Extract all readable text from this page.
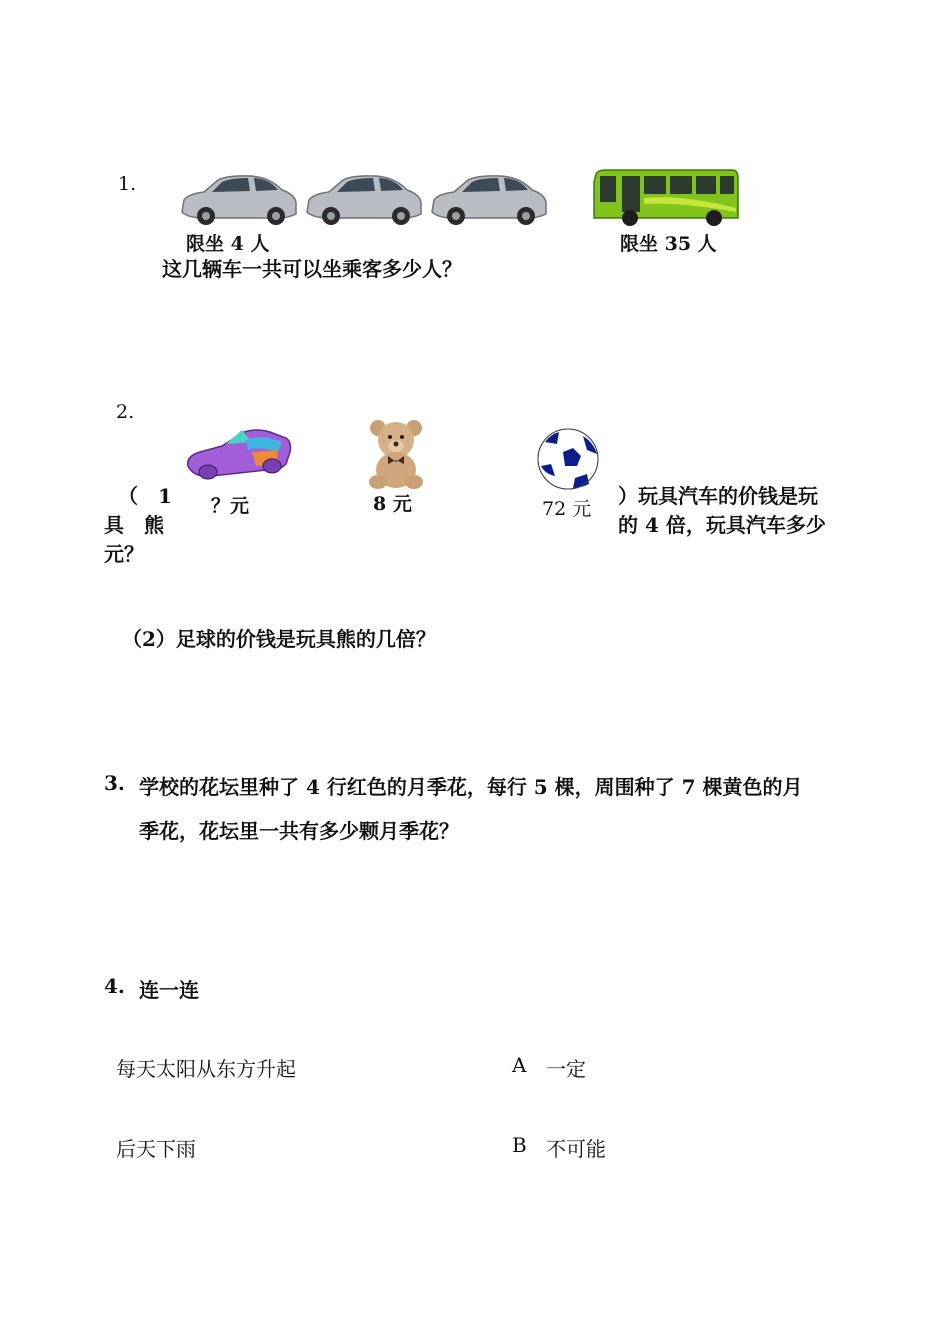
1.
限坐 4 人	限坐 35 人
这几辆车一共可以坐乘客多少人？
2.
？元	8 元	72 元
（　1	）玩具汽车的价钱是玩
具　熊	的 4 倍，玩具汽车多少
元？
（2）足球的价钱是玩具熊的几倍？
3. 学校的花坛里种了 4 行红色的月季花，每行 5 棵，周围种了 7 棵黄色的月
季花，花坛里一共有多少颗月季花？
4. 连一连
每天太阳从东方升起	A 一定
后天下雨	B 不可能
